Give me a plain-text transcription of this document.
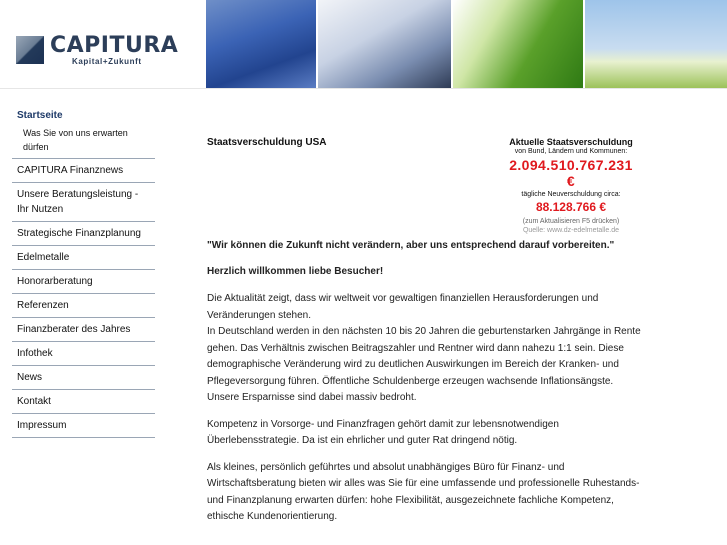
CAPITURA
Kapital+Zukunft
Startseite
Was Sie von uns erwarten dürfen
CAPITURA Finanznews
Unsere Beratungsleistung - Ihr Nutzen
Strategische Finanzplanung
Edelmetalle
Honorarberatung
Referenzen
Finanzberater des Jahres
Infothek
News
Kontakt
Impressum
Staatsverschuldung USA	Aktuelle Staatsverschuldung
von Bund, Ländern und Kommunen:
2.094.510.767.231 €
tägliche Neuverschuldung circa:
88.128.766 €
(zum Aktualisieren F5 drücken)
Quelle: www.dz-edelmetalle.de
"Wir können die Zukunft nicht verändern, aber uns entsprechend darauf vorbereiten."
Herzlich willkommen liebe Besucher!

Die Aktualität zeigt, dass wir weltweit vor gewaltigen finanziellen Herausforderungen und Veränderungen stehen.

In Deutschland werden in den nächsten 10 bis 20 Jahren die geburtenstarken Jahrgänge in Rente gehen. Das Verhältnis zwischen Beitragszahler und Rentner wird dann nahezu 1:1 sein. Diese demographische Veränderung wird zu deutlichen Auswirkungen im Bereich der Kranken- und Pflegeversorgung führen. Öffentliche Schuldenberge erzeugen wachsende Inflationsängste. Unsere Ersparnisse sind dabei massiv bedroht.

Kompetenz in Vorsorge- und Finanzfragen gehört damit zur lebensnotwendigen Überlebensstrategie. Da ist ein ehrlicher und guter Rat dringend nötig.

Als kleines, persönlich geführtes und absolut unabhängiges Büro für Finanz- und Wirtschaftsberatung bieten wir alles was Sie für eine umfassende und professionelle Ruhestands- und Finanzplanung erwarten dürfen: hohe Flexibilität, ausgezeichnete fachliche Kompetenz, ethische Kundenorientierung.
